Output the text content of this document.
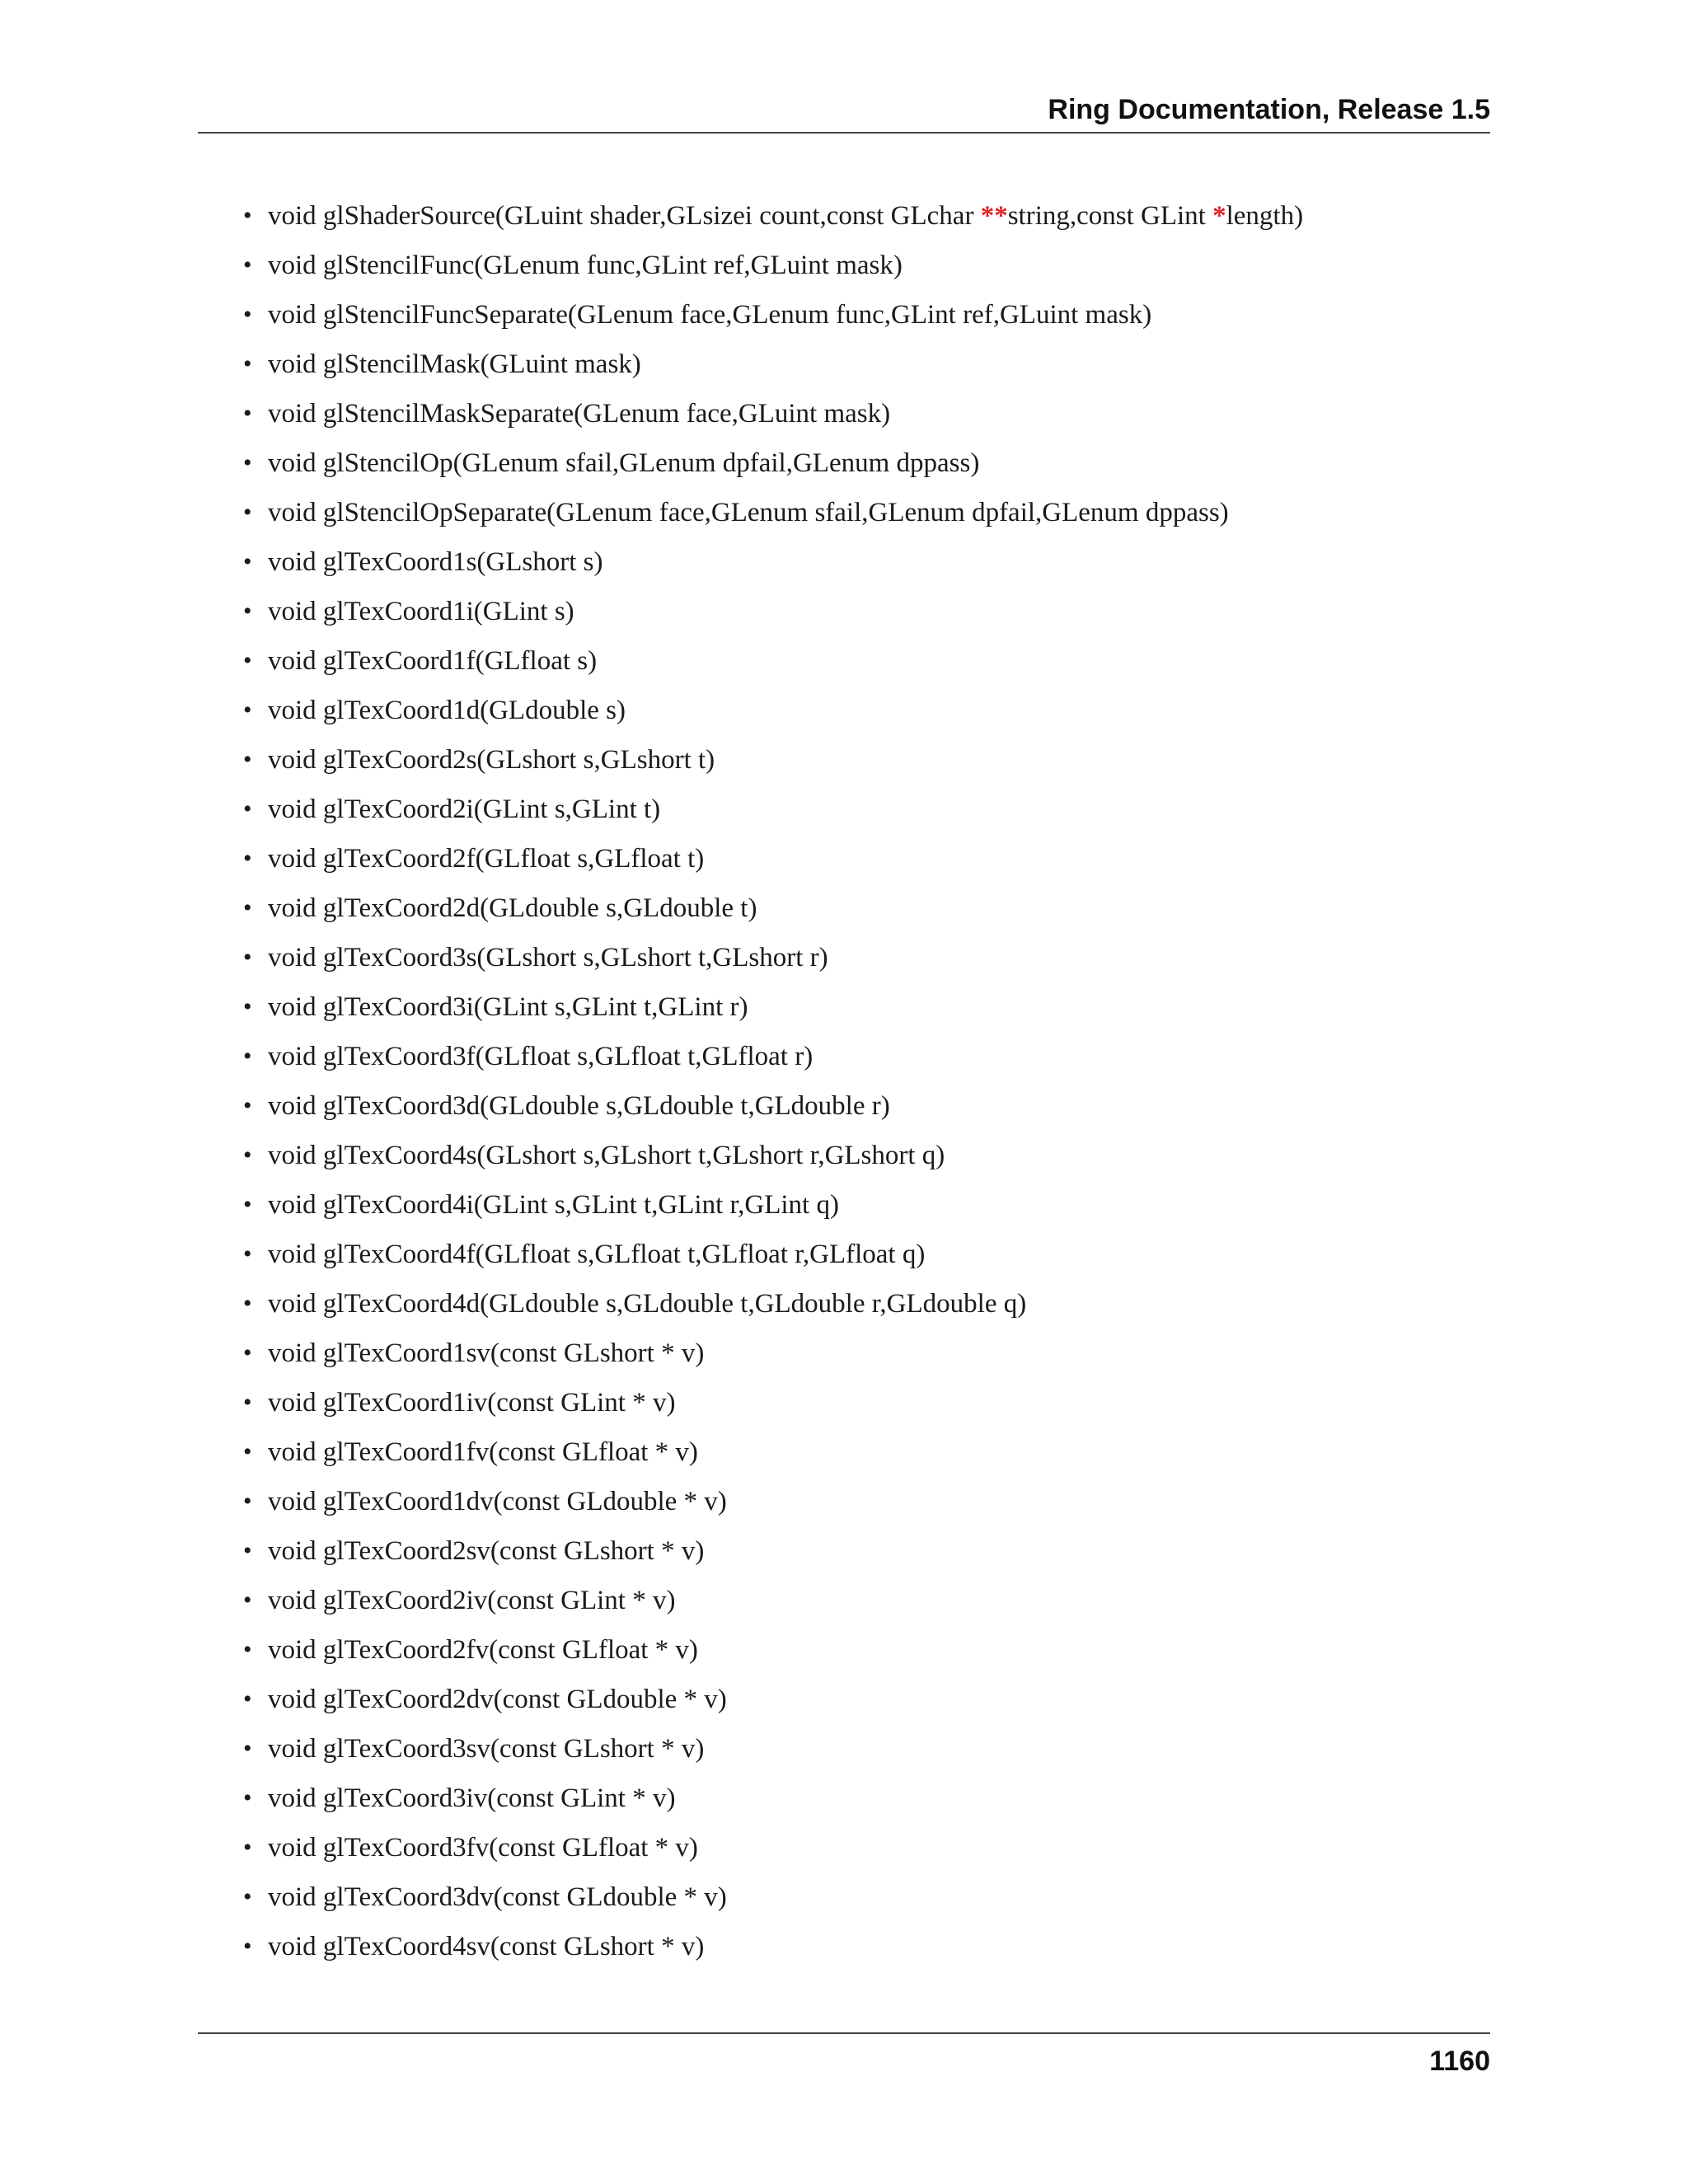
Ring Documentation, Release 1.5
• void glShaderSource(GLuint shader,GLsizei count,const GLchar **string,const GLint *length)
• void glStencilFunc(GLenum func,GLint ref,GLuint mask)
• void glStencilFuncSeparate(GLenum face,GLenum func,GLint ref,GLuint mask)
• void glStencilMask(GLuint mask)
• void glStencilMaskSeparate(GLenum face,GLuint mask)
• void glStencilOp(GLenum sfail,GLenum dpfail,GLenum dppass)
• void glStencilOpSeparate(GLenum face,GLenum sfail,GLenum dpfail,GLenum dppass)
• void glTexCoord1s(GLshort s)
• void glTexCoord1i(GLint s)
• void glTexCoord1f(GLfloat s)
• void glTexCoord1d(GLdouble s)
• void glTexCoord2s(GLshort s,GLshort t)
• void glTexCoord2i(GLint s,GLint t)
• void glTexCoord2f(GLfloat s,GLfloat t)
• void glTexCoord2d(GLdouble s,GLdouble t)
• void glTexCoord3s(GLshort s,GLshort t,GLshort r)
• void glTexCoord3i(GLint s,GLint t,GLint r)
• void glTexCoord3f(GLfloat s,GLfloat t,GLfloat r)
• void glTexCoord3d(GLdouble s,GLdouble t,GLdouble r)
• void glTexCoord4s(GLshort s,GLshort t,GLshort r,GLshort q)
• void glTexCoord4i(GLint s,GLint t,GLint r,GLint q)
• void glTexCoord4f(GLfloat s,GLfloat t,GLfloat r,GLfloat q)
• void glTexCoord4d(GLdouble s,GLdouble t,GLdouble r,GLdouble q)
• void glTexCoord1sv(const GLshort * v)
• void glTexCoord1iv(const GLint * v)
• void glTexCoord1fv(const GLfloat * v)
• void glTexCoord1dv(const GLdouble * v)
• void glTexCoord2sv(const GLshort * v)
• void glTexCoord2iv(const GLint * v)
• void glTexCoord2fv(const GLfloat * v)
• void glTexCoord2dv(const GLdouble * v)
• void glTexCoord3sv(const GLshort * v)
• void glTexCoord3iv(const GLint * v)
• void glTexCoord3fv(const GLfloat * v)
• void glTexCoord3dv(const GLdouble * v)
• void glTexCoord4sv(const GLshort * v)
1160
